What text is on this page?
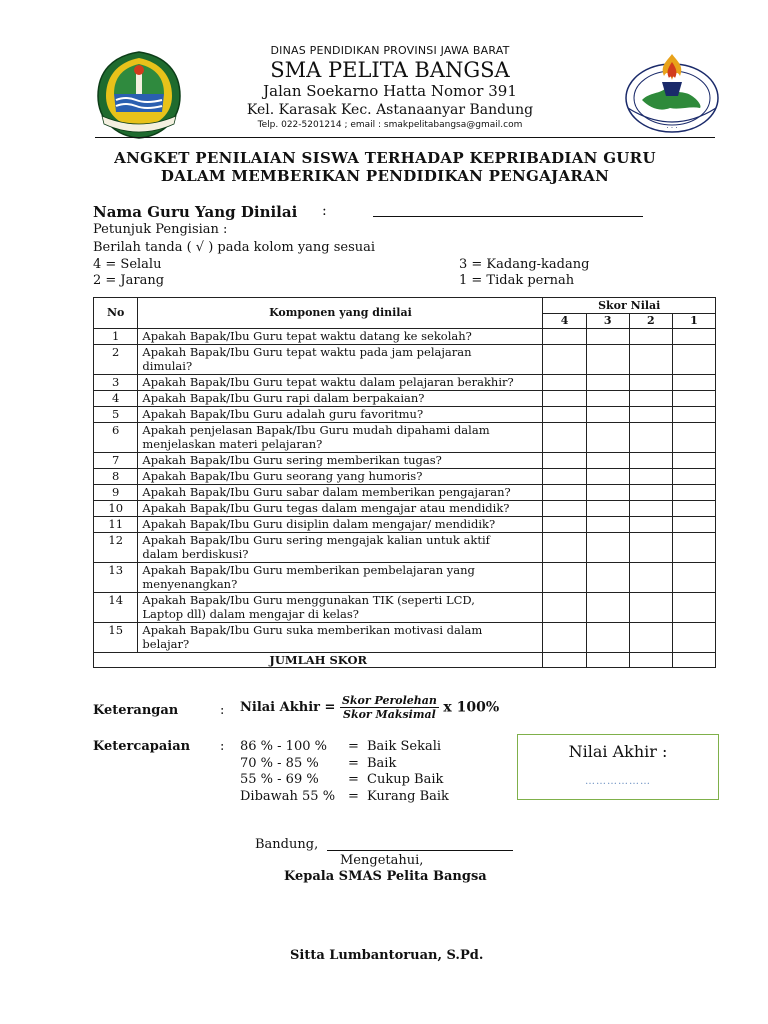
· · ·
DINAS PENDIDIKAN PROVINSI JAWA BARAT
SMA PELITA BANGSA
Jalan Soekarno Hatta Nomor 391
Kel. Karasak Kec. Astanaanyar Bandung
Telp. 022-5201214 ; email : smakpelitabangsa@gmail.com
ANGKET PENILAIAN SISWA TERHADAP KEPRIBADIAN GURU
DALAM MEMBERIKAN PENDIDIKAN PENGAJARAN
Nama Guru Yang Dinilai :
Petunjuk Pengisian :
Berilah tanda ( √ ) pada kolom yang sesuai
4 = Selalu	3 = Kadang-kadang
2 = Jarang	1 = Tidak pernah
No	Komponen yang dinilai	Skor Nilai			
		4	3	2	1
1	Apakah Bapak/Ibu Guru tepat waktu datang ke sekolah?				

2	Apakah Bapak/Ibu Guru tepat waktu pada jam pelajaran
dimulai?				

3	Apakah Bapak/Ibu Guru tepat waktu dalam pelajaran berakhir?				

4	Apakah Bapak/Ibu Guru rapi dalam berpakaian?				

5	Apakah Bapak/Ibu Guru adalah guru favoritmu?				

6	Apakah penjelasan Bapak/Ibu Guru mudah dipahami dalam
menjelaskan materi pelajaran?				

7	Apakah Bapak/Ibu Guru sering memberikan tugas?				

8	Apakah Bapak/Ibu Guru seorang yang humoris?				

9	Apakah Bapak/Ibu Guru sabar dalam memberikan pengajaran?				

10	Apakah Bapak/Ibu Guru tegas dalam mengajar atau mendidik?				

11	Apakah Bapak/Ibu Guru disiplin dalam mengajar/ mendidik?				

12	Apakah Bapak/Ibu Guru sering mengajak kalian untuk aktif
dalam berdiskusi?				

13	Apakah Bapak/Ibu Guru memberikan pembelajaran yang
menyenangkan?				

14	Apakah Bapak/Ibu Guru menggunakan TIK (seperti LCD,
Laptop dll) dalam mengajar di kelas?				

15	Apakah Bapak/Ibu Guru suka memberikan motivasi dalam
belajar?				

JUMLAH SKOR					
Keterangan	: Nilai Akhir = $\frac{\text{Skor Perolehan}}{\text{Skor Maksimal}}$ x 100%
Ketercapaian : 86 % - 100 % = Baik Sekali
70 % - 85 % = Baik
55 % - 69 % = Cukup Baik
Dibawah 55 % = Kurang Baik
Nilai Akhir :
………………
Bandung,
Mengetahui,
Kepala SMAS Pelita Bangsa
Sitta Lumbantoruan, S.Pd.
